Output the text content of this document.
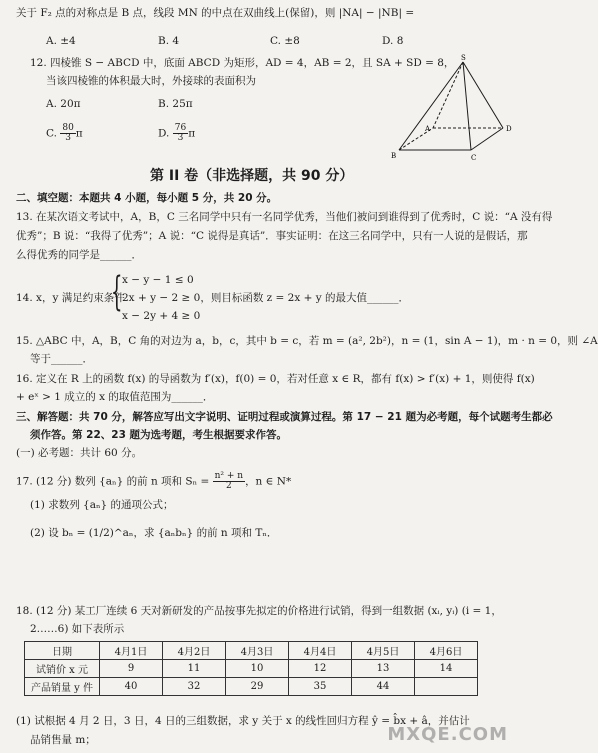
关于 F₂ 点的对称点是 B 点，线段 MN 的中点在双曲线上(保留)，则 |NA| − |NB| =
A. ±4	B. 4	C. ±8	D. 8
12. 四棱锥 S − ABCD 中，底面 ABCD 为矩形，AD = 4，AB = 2，且 SA + SD = 8，
当该四棱锥的体积最大时，外接球的表面积为
A. 20π	B. 25π
C. $\frac{80}{3}$ π	D. $\frac{76}{3}$ π
S
A
B	C
D
第 II 卷（非选择题，共 90 分）
二、填空题：本题共 4 小题，每小题 5 分，共 20 分。
13. 在某次语文考试中，A，B，C 三名同学中只有一名同学优秀，当他们被问到谁得到了优秀时，C 说：“A 没有得
优秀”；B 说：“我得了优秀”；A 说：“C 说得是真话”．事实证明：在这三名同学中，只有一人说的是假话，那
么得优秀的同学是______．
14. x，y 满足约束条件
{ x − y − 1 ≤ 0
2x + y − 2 ≥ 0，则目标函数 z = 2x + y 的最大值______．
x − 2y + 4 ≥ 0
15. △ABC 中，A，B，C 角的对边为 a，b，c，其中 b = c，若 m = (a², 2b²)，n = (1，sin A − 1)，m · n = 0，则 ∠A
等于______．
16. 定义在 R 上的函数 f(x) 的导函数为 f′(x)，f(0) = 0，若对任意 x ∈ R，都有 f(x) > f′(x) + 1，则使得 f(x)
+ eˣ > 1 成立的 x 的取值范围为______．
三、解答题：共 70 分，解答应写出文字说明、证明过程或演算过程。第 17 − 21 题为必考题，每个试题考生都必
须作答。第 22、23 题为选考题，考生根据要求作答。
(一) 必考题：共计 60 分。
17. (12 分) 数列 {aₙ} 的前 n 项和 $S_n = \frac{\text{n² + n}}{2}$ ，n ∈ N*
(1) 求数列 {aₙ} 的通项公式；
(2) 设 bₙ = (1/2)^aₙ，求 {aₙbₙ} 的前 n 项和 Tₙ．
18. (12 分) 某工厂连续 6 天对新研发的产品按事先拟定的价格进行试销，得到一组数据 (xᵢ, yᵢ) (i = 1，
2……6) 如下表所示
日期	4月1日	4月2日	4月3日	4月4日	4月5日	4月6日
试销价 x 元	9	11	10	12	13	14
产品销量 y 件	40	32	29	35	44	
(1) 试根据 4 月 2 日，3 日，4 日的三组数据，求 y 关于 x 的线性回归方程 ŷ = b̂x + â，并估计
品销售量 m；	MXQE.COM
